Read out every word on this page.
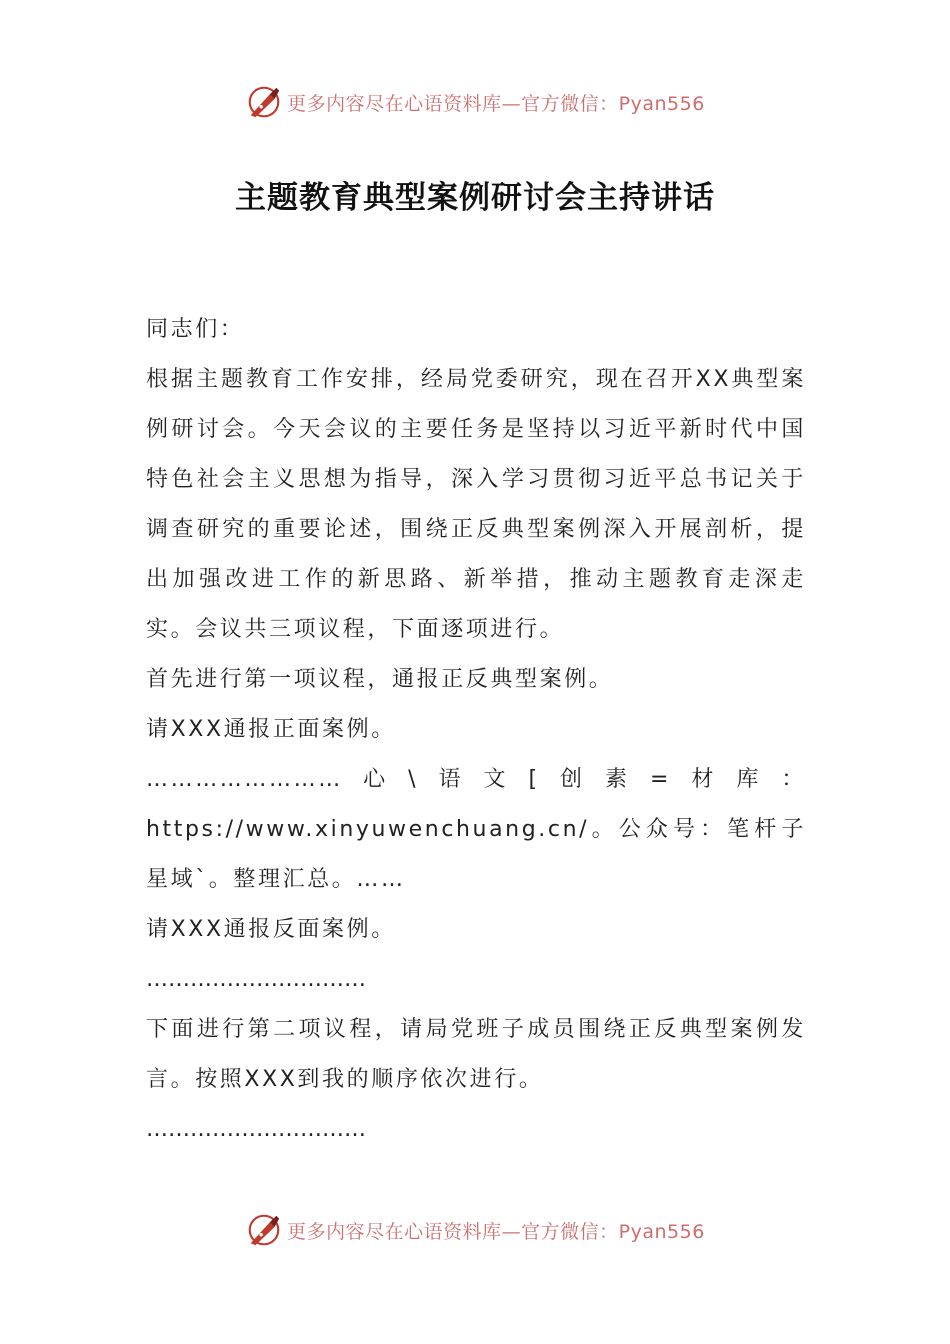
更多内容尽在心语资料库—官方微信：Pyan556
主题教育典型案例研讨会主持讲话

同志们：

根据主题教育工作安排，经局党委研究，现在召开XX典型案例研讨会。今天会议的主要任务是坚持以习近平新时代中国特色社会主义思想为指导，深入学习贯彻习近平总书记关于调查研究的重要论述，围绕正反典型案例深入开展剖析，提出加强改进工作的新思路、新举措，推动主题教育走深走实。会议共三项议程，下面逐项进行。

首先进行第一项议程，通报正反典型案例。

请XXX通报正面案例。

……………………心\语文[创素=材库：https://www.xinyuwenchuang.cn/。公众号：笔杆子星域`。整理汇总。……

请XXX通报反面案例。

…………………………

下面进行第二项议程，请局党班子成员围绕正反典型案例发言。按照XXX到我的顺序依次进行。

…………………………

更多内容尽在心语资料库—官方微信：Pyan556
